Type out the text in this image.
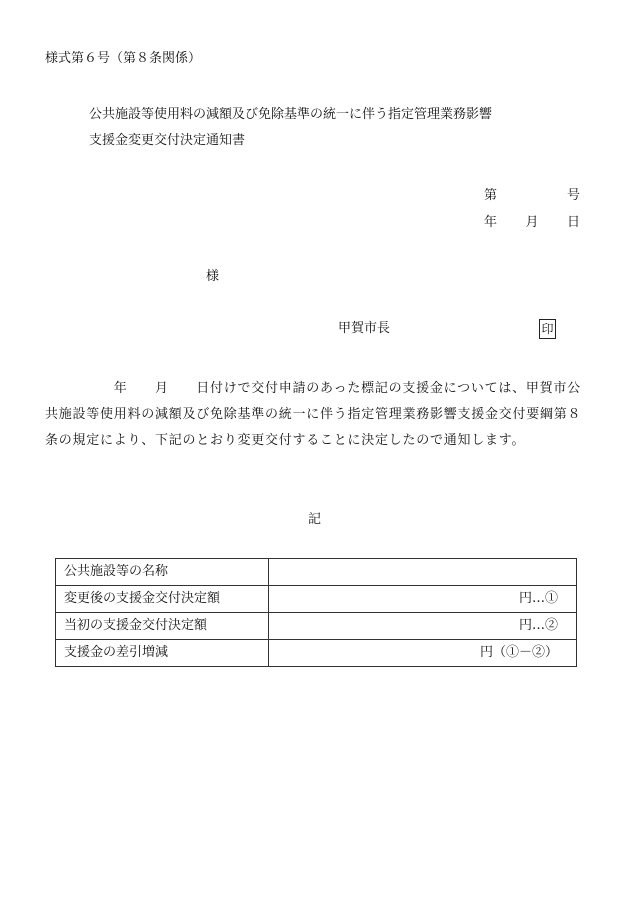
様式第６号（第８条関係）
公共施設等使用料の減額及び免除基準の統一に伴う指定管理業務影響
支援金変更交付決定通知書
第	号
年 月 日
様
甲賀市長	印
　　　　　年　　月　　日付けで交付申請のあった標記の支援金については、甲賀市公共施設等使用料の減額及び免除基準の統一に伴う指定管理業務影響支援金交付要綱第８条の規定により、下記のとおり変更交付することに決定したので通知します。
記
公共施設等の名称	
変更後の支援金交付決定額	円…①
当初の支援金交付決定額	円…②
支援金の差引増減	円（①－②）
